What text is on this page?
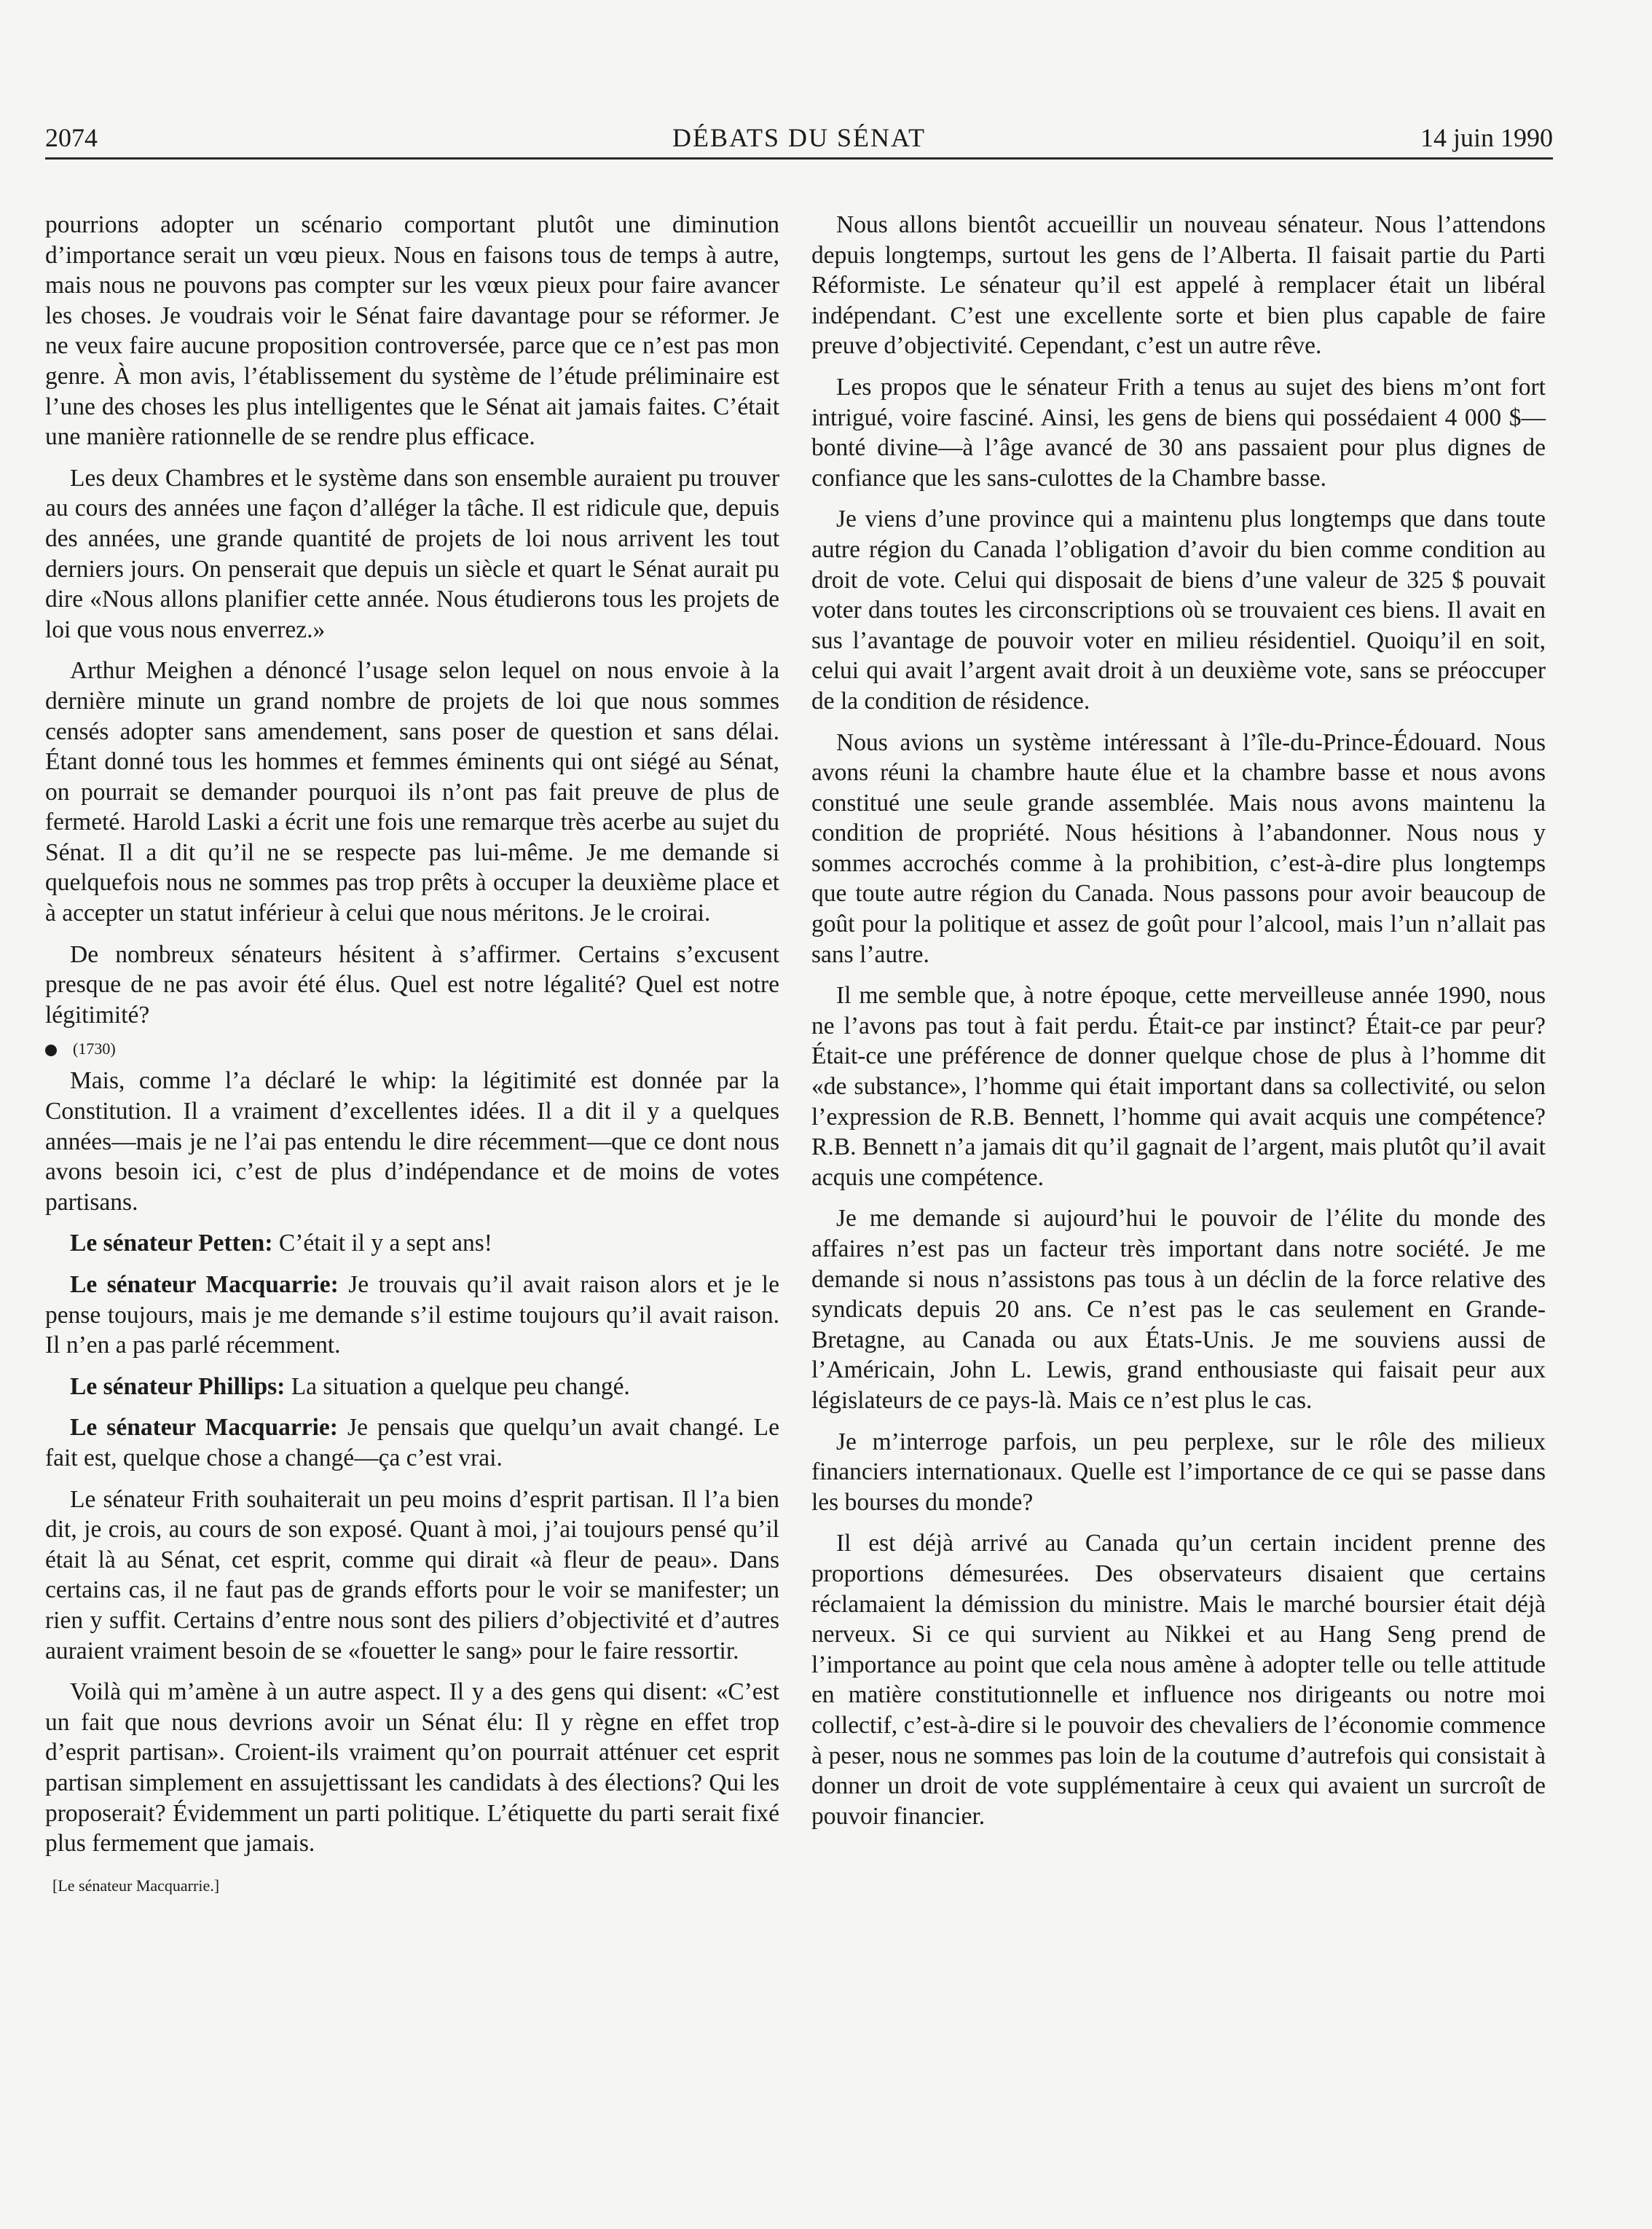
2074	DÉBATS DU SÉNAT	14 juin 1990

pourrions adopter un scénario comportant plutôt une diminution d’importance serait un vœu pieux. Nous en faisons tous de temps à autre, mais nous ne pouvons pas compter sur les vœux pieux pour faire avancer les choses. Je voudrais voir le Sénat faire davantage pour se réformer. Je ne veux faire aucune proposition controversée, parce que ce n’est pas mon genre. À mon avis, l’établissement du système de l’étude préliminaire est l’une des choses les plus intelligentes que le Sénat ait jamais faites. C’était une manière rationnelle de se rendre plus efficace.

Les deux Chambres et le système dans son ensemble auraient pu trouver au cours des années une façon d’alléger la tâche. Il est ridicule que, depuis des années, une grande quantité de projets de loi nous arrivent les tout derniers jours. On penserait que depuis un siècle et quart le Sénat aurait pu dire «Nous allons planifier cette année. Nous étudierons tous les projets de loi que vous nous enverrez.»

Arthur Meighen a dénoncé l’usage selon lequel on nous envoie à la dernière minute un grand nombre de projets de loi que nous sommes censés adopter sans amendement, sans poser de question et sans délai. Étant donné tous les hommes et femmes éminents qui ont siégé au Sénat, on pourrait se demander pourquoi ils n’ont pas fait preuve de plus de fermeté. Harold Laski a écrit une fois une remarque très acerbe au sujet du Sénat. Il a dit qu’il ne se respecte pas lui-même. Je me demande si quelquefois nous ne sommes pas trop prêts à occuper la deuxième place et à accepter un statut inférieur à celui que nous méritons. Je le croirai.

De nombreux sénateurs hésitent à s’affirmer. Certains s’excusent presque de ne pas avoir été élus. Quel est notre légalité? Quel est notre légitimité?

(1730)

Mais, comme l’a déclaré le whip: la légitimité est donnée par la Constitution. Il a vraiment d’excellentes idées. Il a dit il y a quelques années—mais je ne l’ai pas entendu le dire récemment—que ce dont nous avons besoin ici, c’est de plus d’indépendance et de moins de votes partisans.

Le sénateur Petten: C’était il y a sept ans!

Le sénateur Macquarrie: Je trouvais qu’il avait raison alors et je le pense toujours, mais je me demande s’il estime toujours qu’il avait raison. Il n’en a pas parlé récemment.

Le sénateur Phillips: La situation a quelque peu changé.

Le sénateur Macquarrie: Je pensais que quelqu’un avait changé. Le fait est, quelque chose a changé—ça c’est vrai.

Le sénateur Frith souhaiterait un peu moins d’esprit partisan. Il l’a bien dit, je crois, au cours de son exposé. Quant à moi, j’ai toujours pensé qu’il était là au Sénat, cet esprit, comme qui dirait «à fleur de peau». Dans certains cas, il ne faut pas de grands efforts pour le voir se manifester; un rien y suffit. Certains d’entre nous sont des piliers d’objectivité et d’autres auraient vraiment besoin de se «fouetter le sang» pour le faire ressortir.

Voilà qui m’amène à un autre aspect. Il y a des gens qui disent: «C’est un fait que nous devrions avoir un Sénat élu: Il y règne en effet trop d’esprit partisan». Croient-ils vraiment qu’on pourrait atténuer cet esprit partisan simplement en assujettissant les candidats à des élections? Qui les proposerait? Évidemment un parti politique. L’étiquette du parti serait fixé plus fermement que jamais.

[Le sénateur Macquarrie.]

Nous allons bientôt accueillir un nouveau sénateur. Nous l’attendons depuis longtemps, surtout les gens de l’Alberta. Il faisait partie du Parti Réformiste. Le sénateur qu’il est appelé à remplacer était un libéral indépendant. C’est une excellente sorte et bien plus capable de faire preuve d’objectivité. Cependant, c’est un autre rêve.

Les propos que le sénateur Frith a tenus au sujet des biens m’ont fort intrigué, voire fasciné. Ainsi, les gens de biens qui possédaient 4 000 $—bonté divine—à l’âge avancé de 30 ans passaient pour plus dignes de confiance que les sans-culottes de la Chambre basse.

Je viens d’une province qui a maintenu plus longtemps que dans toute autre région du Canada l’obligation d’avoir du bien comme condition au droit de vote. Celui qui disposait de biens d’une valeur de 325 $ pouvait voter dans toutes les circonscriptions où se trouvaient ces biens. Il avait en sus l’avantage de pouvoir voter en milieu résidentiel. Quoiqu’il en soit, celui qui avait l’argent avait droit à un deuxième vote, sans se préoccuper de la condition de résidence.

Nous avions un système intéressant à l’île-du-Prince-Édouard. Nous avons réuni la chambre haute élue et la chambre basse et nous avons constitué une seule grande assemblée. Mais nous avons maintenu la condition de propriété. Nous hésitions à l’abandonner. Nous nous y sommes accrochés comme à la prohibition, c’est-à-dire plus longtemps que toute autre région du Canada. Nous passons pour avoir beaucoup de goût pour la politique et assez de goût pour l’alcool, mais l’un n’allait pas sans l’autre.

Il me semble que, à notre époque, cette merveilleuse année 1990, nous ne l’avons pas tout à fait perdu. Était-ce par instinct? Était-ce par peur? Était-ce une préférence de donner quelque chose de plus à l’homme dit «de substance», l’homme qui était important dans sa collectivité, ou selon l’expression de R.B. Bennett, l’homme qui avait acquis une compétence? R.B. Bennett n’a jamais dit qu’il gagnait de l’argent, mais plutôt qu’il avait acquis une compétence.

Je me demande si aujourd’hui le pouvoir de l’élite du monde des affaires n’est pas un facteur très important dans notre société. Je me demande si nous n’assistons pas tous à un déclin de la force relative des syndicats depuis 20 ans. Ce n’est pas le cas seulement en Grande-Bretagne, au Canada ou aux États-Unis. Je me souviens aussi de l’Américain, John L. Lewis, grand enthousiaste qui faisait peur aux législateurs de ce pays-là. Mais ce n’est plus le cas.

Je m’interroge parfois, un peu perplexe, sur le rôle des milieux financiers internationaux. Quelle est l’importance de ce qui se passe dans les bourses du monde?

Il est déjà arrivé au Canada qu’un certain incident prenne des proportions démesurées. Des observateurs disaient que certains réclamaient la démission du ministre. Mais le marché boursier était déjà nerveux. Si ce qui survient au Nikkei et au Hang Seng prend de l’importance au point que cela nous amène à adopter telle ou telle attitude en matière constitutionnelle et influence nos dirigeants ou notre moi collectif, c’est-à-dire si le pouvoir des chevaliers de l’économie commence à peser, nous ne sommes pas loin de la coutume d’autrefois qui consistait à donner un droit de vote supplémentaire à ceux qui avaient un surcroît de pouvoir financier.
